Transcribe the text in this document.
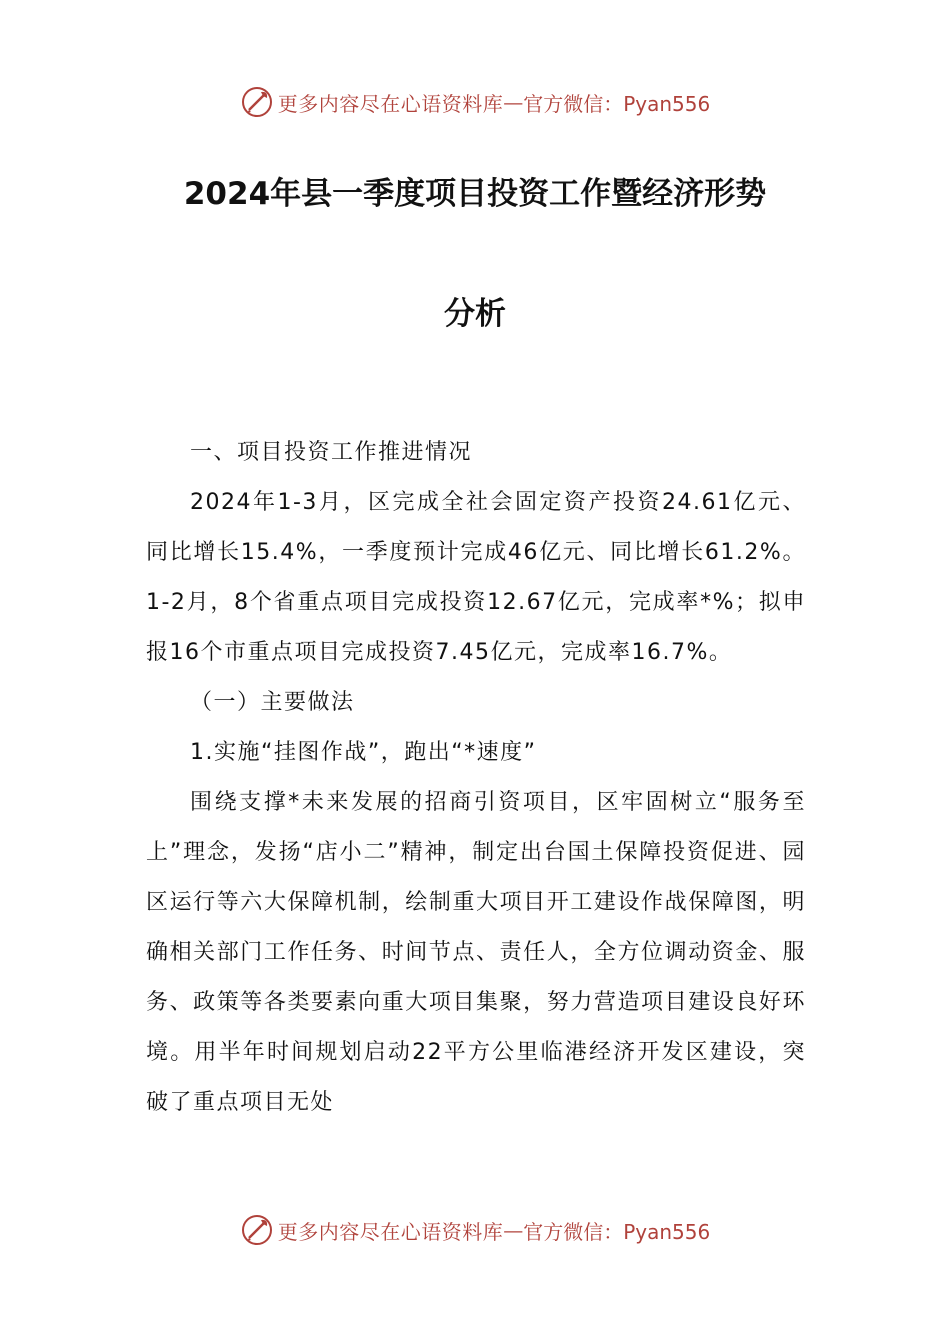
更多内容尽在心语资料库 — 官方微信：Pyan556
2024年县一季度项目投资工作暨经济形势
分析

一、项目投资工作推进情况

2024年1-3月，区完成全社会固定资产投资24.61亿元、同比增长15.4%，一季度预计完成46亿元、同比增长61.2%。1-2月，8个省重点项目完成投资12.67亿元，完成率*%；拟申报16个市重点项目完成投资7.45亿元，完成率16.7%。

（一）主要做法

1.实施“挂图作战”，跑出“*速度”

围绕支撑*未来发展的招商引资项目，区牢固树立“服务至上”理念，发扬“店小二”精神，制定出台国土保障投资促进、园区运行等六大保障机制，绘制重大项目开工建设作战保障图，明确相关部门工作任务、时间节点、责任人，全方位调动资金、服务、政策等各类要素向重大项目集聚，努力营造项目建设良好环境。用半年时间规划启动22平方公里临港经济开发区建设，突破了重点项目无处

更多内容尽在心语资料库 — 官方微信：Pyan556
